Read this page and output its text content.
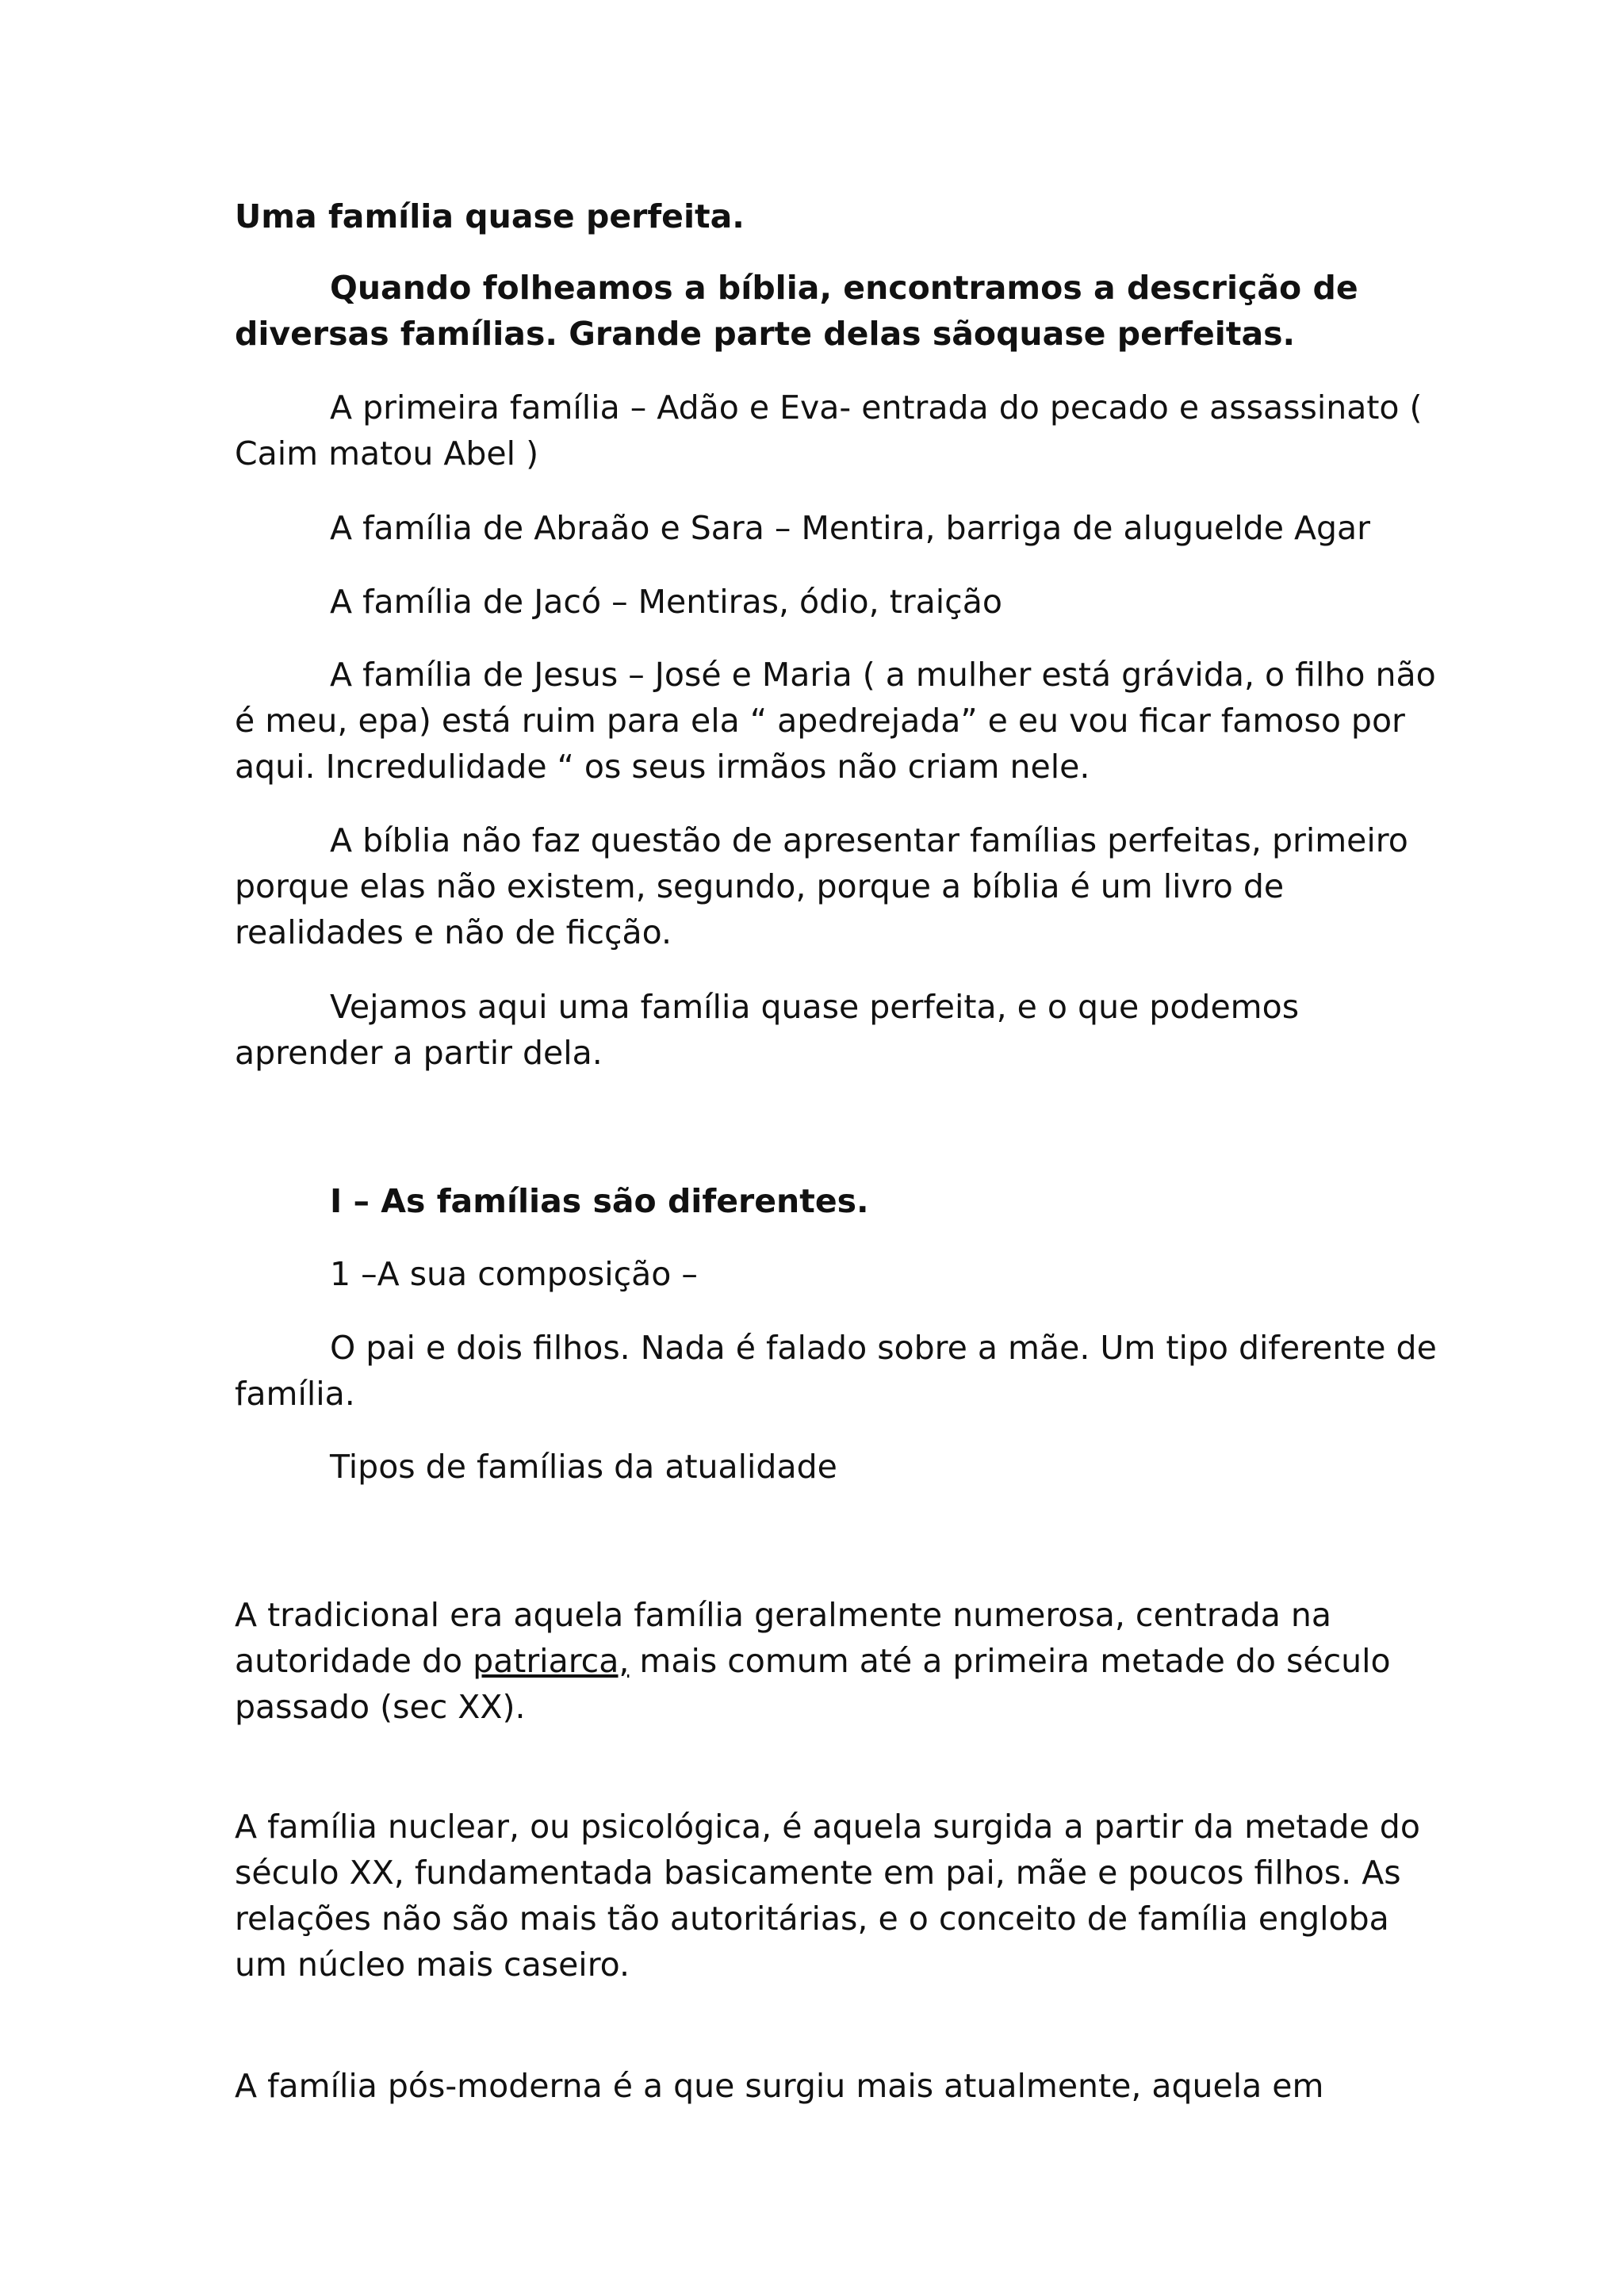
Uma família quase perfeita.

Quando folheamos a bíblia, encontramos a descrição de diversas famílias. Grande parte delas sãoquase perfeitas.

A primeira família – Adão e Eva- entrada do pecado e assassinato ( Caim matou Abel )

A família de Abraão e Sara – Mentira, barriga de aluguelde Agar

A família de Jacó – Mentiras, ódio, traição

A família de Jesus – José e Maria ( a mulher está grávida, o filho não é meu, epa) está ruim para ela “ apedrejada” e eu vou ficar famoso por aqui. Incredulidade “ os seus irmãos não criam nele.

A bíblia não faz questão de apresentar famílias perfeitas, primeiro porque elas não existem, segundo, porque a bíblia é um livro de realidades e não de ficção.

Vejamos aqui uma família quase perfeita, e o que podemos aprender a partir dela.

I – As famílias são diferentes.

1 –A sua composição –

O pai e dois filhos. Nada é falado sobre a mãe. Um tipo diferente de família.

Tipos de famílias da atualidade

A tradicional era aquela família geralmente numerosa, centrada na autoridade do patriarca, mais comum até a primeira metade do século passado (sec XX).

A família nuclear, ou psicológica, é aquela surgida a partir da metade do século XX, fundamentada basicamente em pai, mãe e poucos filhos. As relações não são mais tão autoritárias, e o conceito de família engloba um núcleo mais caseiro.

A família pós-moderna é a que surgiu mais atualmente, aquela em
